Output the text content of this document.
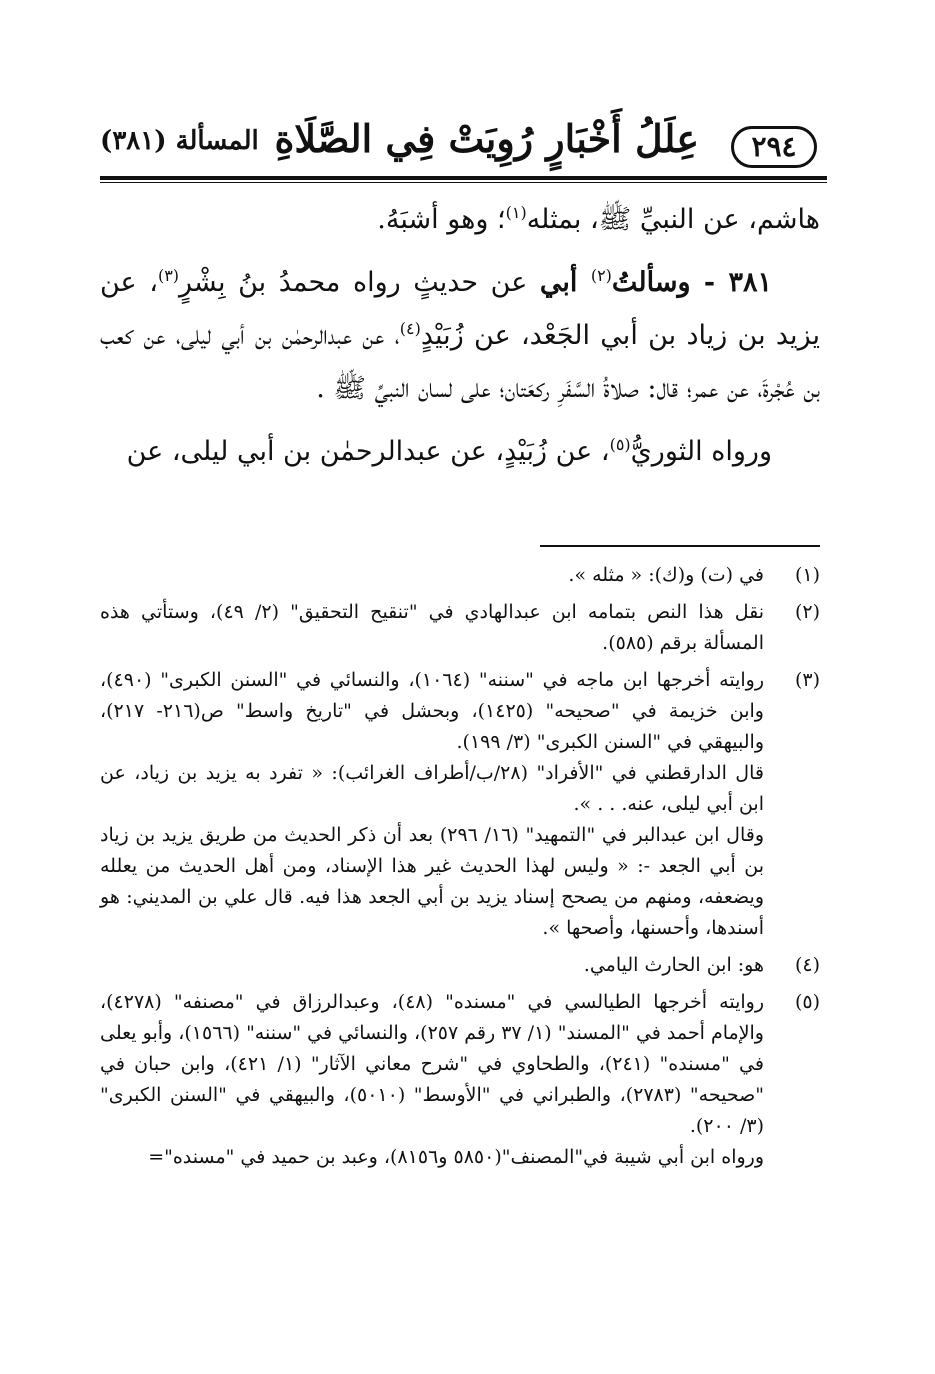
٢٩٤
عِلَلُ أَخْبَارٍ رُوِيَتْ فِي الصَّلَاةِ
المسألة (٣٨١)

هاشم، عن النبيِّ ﷺ، بمثله$^{(١)}$؛ وهو أشبَهُ.

٣٨١ - وسألتُ$^{(٢)}$ أبي عن حديثٍ رواه محمدُ بنُ بِشْرٍ$^{(٣)}$، عن يزيد بن زياد بن أبي الجَعْد، عن زُبَيْدٍ$^{(٤)}$، عن عبدالرحمٰن بن أبي ليلى، عن كعب بن عُجْرةَ، عن عمر؛ قال: صلاةُ السَّفَرِ ركعَتان؛ على لسان النبيِّ ﷺ .

ورواه الثوريُّ$^{(٥)}$، عن زُبَيْدٍ، عن عبدالرحمٰن بن أبي ليلى، عن

(١)

في (ت) و(ك): « مثله ».

(٢)

نقل هذا النص بتمامه ابن عبدالهادي في "تنقيح التحقيق" (٢/ ٤٩)، وستأتي هذه المسألة برقم (٥٨٥).

(٣)

روايته أخرجها ابن ماجه في "سننه" (١٠٦٤)، والنسائي في "السنن الكبرى" (٤٩٠)، وابن خزيمة في "صحيحه" (١٤٢٥)، وبحشل في "تاريخ واسط" ص(٢١٦- ٢١٧)، والبيهقي في "السنن الكبرى" (٣/ ١٩٩).

قال الدارقطني في "الأفراد" (٢٨/ب/أطراف الغرائب): « تفرد به يزيد بن زياد، عن ابن أبي ليلى، عنه. . . ».

وقال ابن عبدالبر في "التمهيد" (١٦/ ٢٩٦) بعد أن ذكر الحديث من طريق يزيد بن زياد بن أبي الجعد -: « وليس لهذا الحديث غير هذا الإسناد، ومن أهل الحديث من يعلله ويضعفه، ومنهم من يصحح إسناد يزيد بن أبي الجعد هذا فيه. قال علي بن المديني: هو أسندها، وأحسنها، وأصحها ».

(٤)

هو: ابن الحارث اليامي.

(٥)

روايته أخرجها الطيالسي في "مسنده" (٤٨)، وعبدالرزاق في "مصنفه" (٤٢٧٨)، والإمام أحمد في "المسند" (١/ ٣٧ رقم ٢٥٧)، والنسائي في "سننه" (١٥٦٦)، وأبو يعلى في "مسنده" (٢٤١)، والطحاوي في "شرح معاني الآثار" (١/ ٤٢١)، وابن حبان في "صحيحه" (٢٧٨٣)، والطبراني في "الأوسط" (٥٠١٠)، والبيهقي في "السنن الكبرى" (٣/ ٢٠٠).

ورواه ابن أبي شيبة في"المصنف"(٥٨٥٠ و٨١٥٦)، وعبد بن حميد في "مسنده"=
